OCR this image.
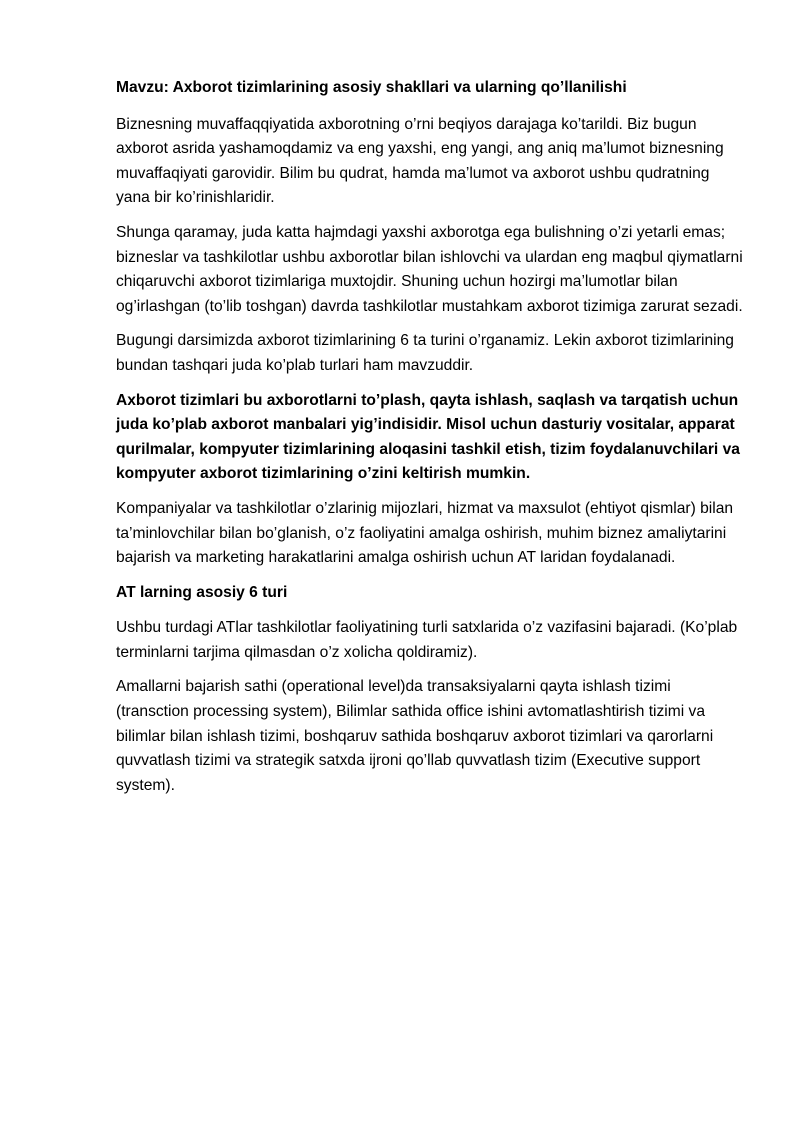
Mavzu: Axborot tizimlarining asosiy shakllari va ularning qo’llanilishi

Biznesning muvaffaqqiyatida axborotning o’rni beqiyos darajaga ko’tarildi. Biz bugun axborot asrida yashamoqdamiz va eng yaxshi, eng yangi, ang aniq ma’lumot biznesning muvaffaqiyati garovidir. Bilim bu qudrat, hamda ma’lumot va axborot ushbu qudratning yana bir ko’rinishlaridir.

Shunga qaramay, juda katta hajmdagi yaxshi axborotga ega bulishning o’zi yetarli emas; bizneslar va tashkilotlar ushbu axborotlar bilan ishlovchi va ulardan eng maqbul qiymatlarni chiqaruvchi axborot tizimlariga muxtojdir. Shuning uchun hozirgi ma’lumotlar bilan og’irlashgan (to’lib toshgan) davrda tashkilotlar mustahkam axborot tizimiga zarurat sezadi.

Bugungi darsimizda axborot tizimlarining 6 ta turini o’rganamiz. Lekin axborot tizimlarining bundan tashqari juda ko’plab turlari ham mavzuddir.

Axborot tizimlari bu axborotlarni to’plash, qayta ishlash, saqlash va tarqatish uchun juda ko’plab axborot manbalari yig’indisidir. Misol uchun dasturiy vositalar, apparat qurilmalar, kompyuter tizimlarining aloqasini tashkil etish, tizim foydalanuvchilari va kompyuter axborot tizimlarining o’zini keltirish mumkin.

Kompaniyalar va tashkilotlar o’zlarinig mijozlari, hizmat va maxsulot (ehtiyot qismlar) bilan ta’minlovchilar bilan bo’glanish, o’z faoliyatini amalga oshirish, muhim biznez amaliytarini bajarish va marketing harakatlarini amalga oshirish uchun AT laridan foydalanadi.

AT larning asosiy 6 turi

Ushbu turdagi ATlar tashkilotlar faoliyatining turli satxlarida o’z vazifasini bajaradi. (Ko’plab terminlarni tarjima qilmasdan o’z xolicha qoldiramiz).

Amallarni bajarish sathi (operational level)da transaksiyalarni qayta ishlash tizimi (transction processing system), Bilimlar sathida office ishini avtomatlashtirish tizimi va bilimlar bilan ishlash tizimi, boshqaruv sathida boshqaruv axborot tizimlari va qarorlarni quvvatlash tizimi va strategik satxda ijroni qo’llab quvvatlash tizim (Executive support system).
